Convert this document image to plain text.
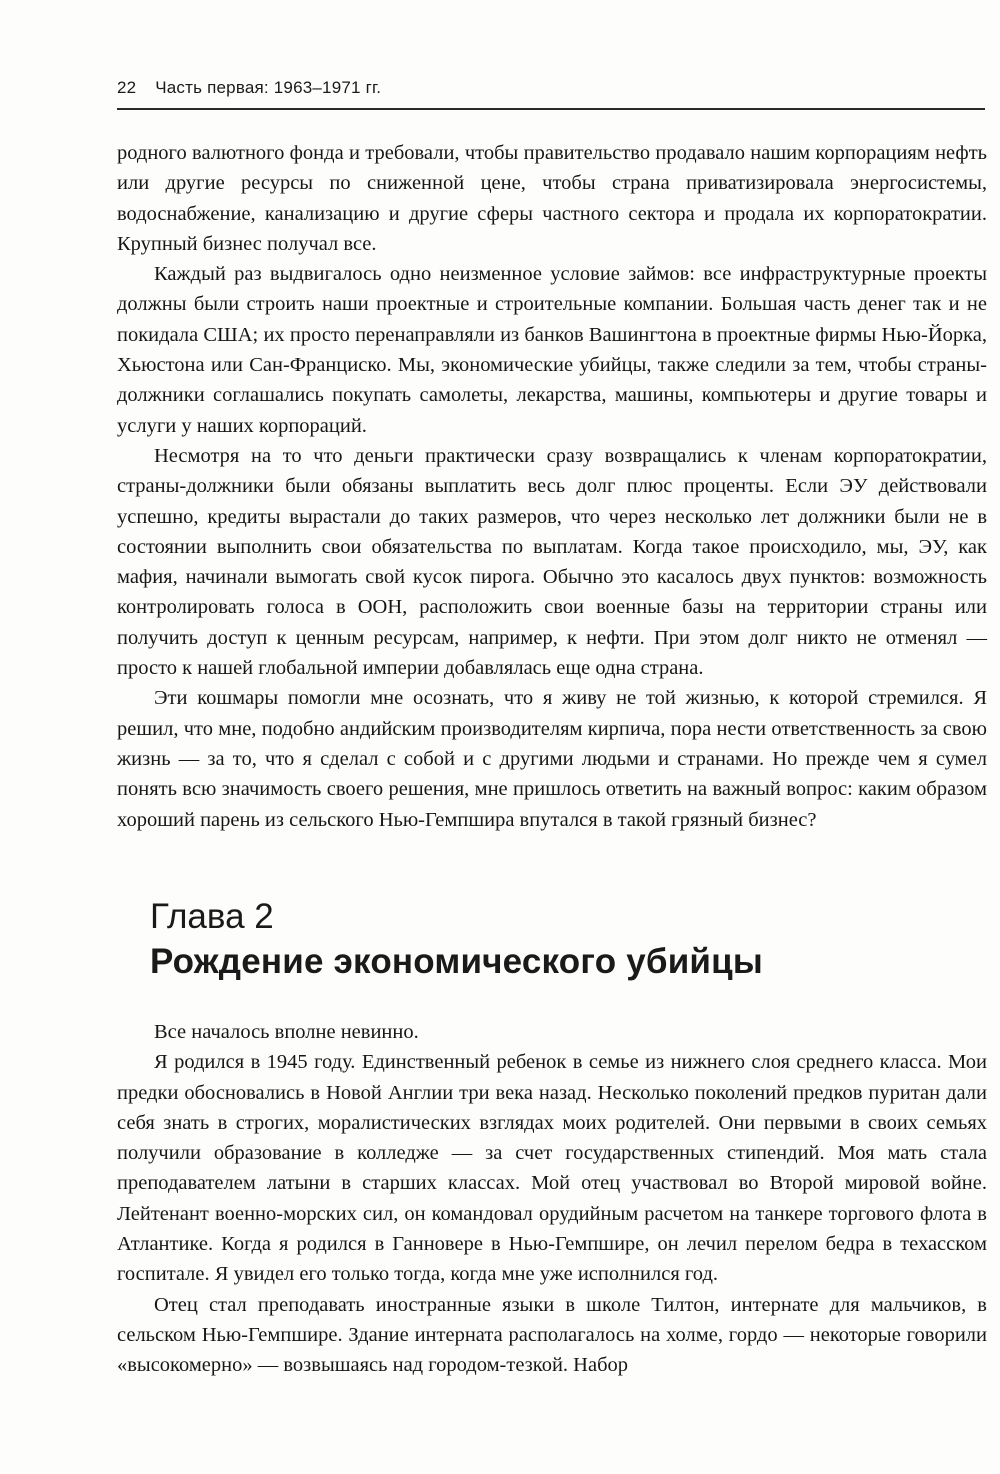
22 Часть первая: 1963–1971 гг.

родного валютного фонда и требовали, чтобы правительство продавало нашим корпорациям нефть или другие ресурсы по сниженной цене, чтобы страна приватизировала энергосистемы, водоснабжение, канализацию и другие сферы частного сектора и продала их корпоратократии. Крупный бизнес получал все.

Каждый раз выдвигалось одно неизменное условие займов: все инфраструктурные проекты должны были строить наши проектные и строительные компании. Большая часть денег так и не покидала США; их просто перенаправляли из банков Вашингтона в проектные фирмы Нью-Йорка, Хьюстона или Сан-Франциско. Мы, экономические убийцы, также следили за тем, чтобы страны-должники соглашались покупать самолеты, лекарства, машины, компьютеры и другие товары и услуги у наших корпораций.

Несмотря на то что деньги практически сразу возвращались к членам корпоратократии, страны-должники были обязаны выплатить весь долг плюс проценты. Если ЭУ действовали успешно, кредиты вырастали до таких размеров, что через несколько лет должники были не в состоянии выполнить свои обязательства по выплатам. Когда такое происходило, мы, ЭУ, как мафия, начинали вымогать свой кусок пирога. Обычно это касалось двух пунктов: возможность контролировать голоса в ООН, расположить свои военные базы на территории страны или получить доступ к ценным ресурсам, например, к нефти. При этом долг никто не отменял — просто к нашей глобальной империи добавлялась еще одна страна.

Эти кошмары помогли мне осознать, что я живу не той жизнью, к которой стремился. Я решил, что мне, подобно андийским производителям кирпича, пора нести ответственность за свою жизнь — за то, что я сделал с собой и с другими людьми и странами. Но прежде чем я сумел понять всю значимость своего решения, мне пришлось ответить на важный вопрос: каким образом хороший парень из сельского Нью-Гемпшира впутался в такой грязный бизнес?

Глава 2
Рождение экономического убийцы

Все началось вполне невинно.

Я родился в 1945 году. Единственный ребенок в семье из нижнего слоя среднего класса. Мои предки обосновались в Новой Англии три века назад. Несколько поколений предков пуритан дали себя знать в строгих, моралистических взглядах моих родителей. Они первыми в своих семьях получили образование в колледже — за счет государственных стипендий. Моя мать стала преподавателем латыни в старших классах. Мой отец участвовал во Второй мировой войне. Лейтенант военно-морских сил, он командовал орудийным расчетом на танкере торгового флота в Атлантике. Когда я родился в Ганновере в Нью-Гемпшире, он лечил перелом бедра в техасском госпитале. Я увидел его только тогда, когда мне уже исполнился год.

Отец стал преподавать иностранные языки в школе Тилтон, интернате для мальчиков, в сельском Нью-Гемпшире. Здание интерната располагалось на холме, гордо — некоторые говорили «высокомерно» — возвышаясь над городом-тезкой. Набор
